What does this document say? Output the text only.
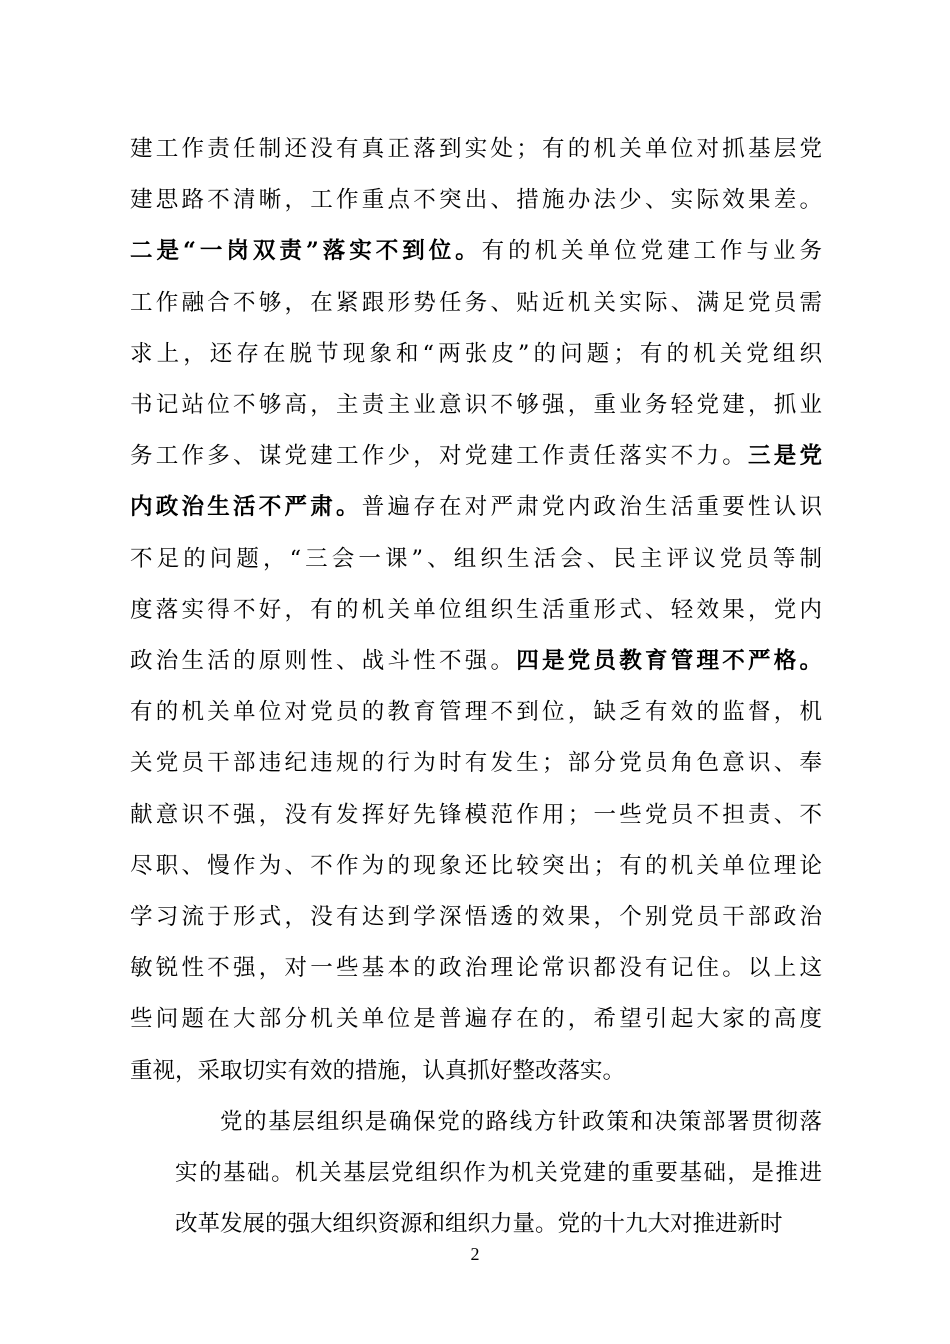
建工作责任制还没有真正落到实处；有的机关单位对抓基层党
建思路不清晰，工作重点不突出、措施办法少、实际效果差。
二是“一岗双责”落实不到位。有的机关单位党建工作与业务
工作融合不够，在紧跟形势任务、贴近机关实际、满足党员需
求上，还存在脱节现象和“两张皮”的问题；有的机关党组织
书记站位不够高，主责主业意识不够强，重业务轻党建，抓业
务工作多、谋党建工作少，对党建工作责任落实不力。三是党
内政治生活不严肃。普遍存在对严肃党内政治生活重要性认识
不足的问题，“三会一课”、组织生活会、民主评议党员等制
度落实得不好，有的机关单位组织生活重形式、轻效果，党内
政治生活的原则性、战斗性不强。四是党员教育管理不严格。
有的机关单位对党员的教育管理不到位，缺乏有效的监督，机
关党员干部违纪违规的行为时有发生；部分党员角色意识、奉
献意识不强，没有发挥好先锋模范作用；一些党员不担责、不
尽职、慢作为、不作为的现象还比较突出；有的机关单位理论
学习流于形式，没有达到学深悟透的效果，个别党员干部政治
敏锐性不强，对一些基本的政治理论常识都没有记住。以上这
些问题在大部分机关单位是普遍存在的，希望引起大家的高度
重视，采取切实有效的措施，认真抓好整改落实。
党的基层组织是确保党的路线方针政策和决策部署贯彻落
实的基础。机关基层党组织作为机关党建的重要基础，是推进
改革发展的强大组织资源和组织力量。党的十九大对推进新时
2
